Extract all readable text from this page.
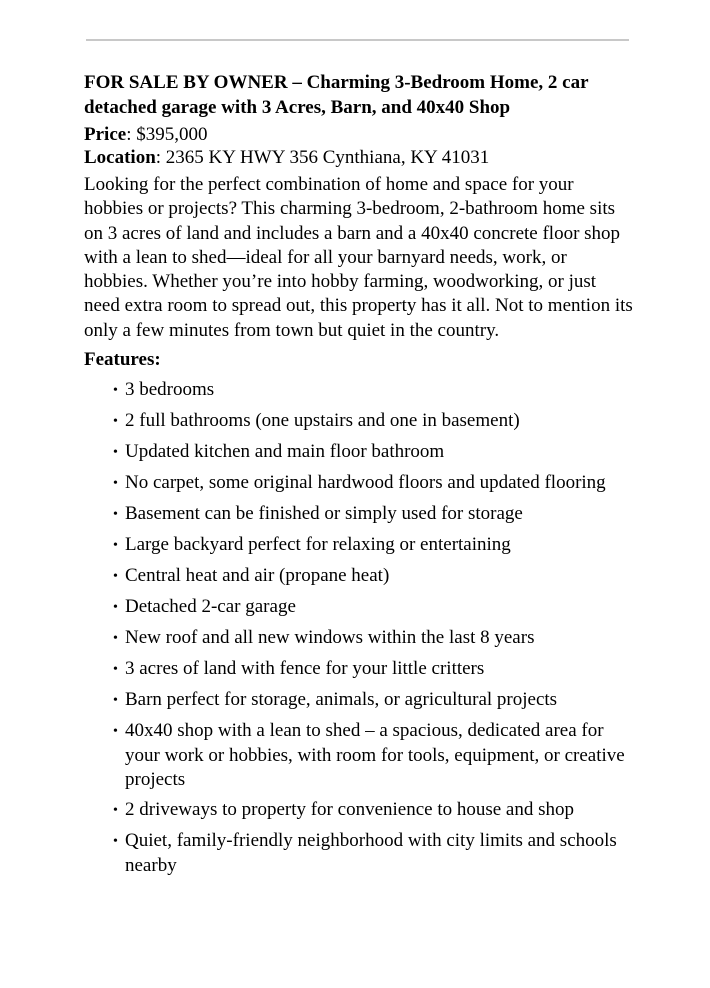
FOR SALE BY OWNER – Charming 3-Bedroom Home, 2 car detached garage with 3 Acres, Barn, and 40x40 Shop

Price: $395,000

Location: 2365 KY HWY 356 Cynthiana, KY 41031

Looking for the perfect combination of home and space for your hobbies or projects? This charming 3-bedroom, 2-bathroom home sits on 3 acres of land and includes a barn and a 40x40 concrete floor shop with a lean to shed—ideal for all your barnyard needs, work, or hobbies. Whether you’re into hobby farming, woodworking, or just need extra room to spread out, this property has it all. Not to mention its only a few minutes from town but quiet in the country.

Features:
• 3 bedrooms
• 2 full bathrooms (one upstairs and one in basement)
• Updated kitchen and main floor bathroom
• No carpet, some original hardwood floors and updated flooring
• Basement can be finished or simply used for storage
• Large backyard perfect for relaxing or entertaining
• Central heat and air (propane heat)
• Detached 2-car garage
• New roof and all new windows within the last 8 years
• 3 acres of land with fence for your little critters
• Barn perfect for storage, animals, or agricultural projects
• 40x40 shop with a lean to shed – a spacious, dedicated area for your work or hobbies, with room for tools, equipment, or creative projects
• 2 driveways to property for convenience to house and shop
• Quiet, family-friendly neighborhood with city limits and schools nearby
